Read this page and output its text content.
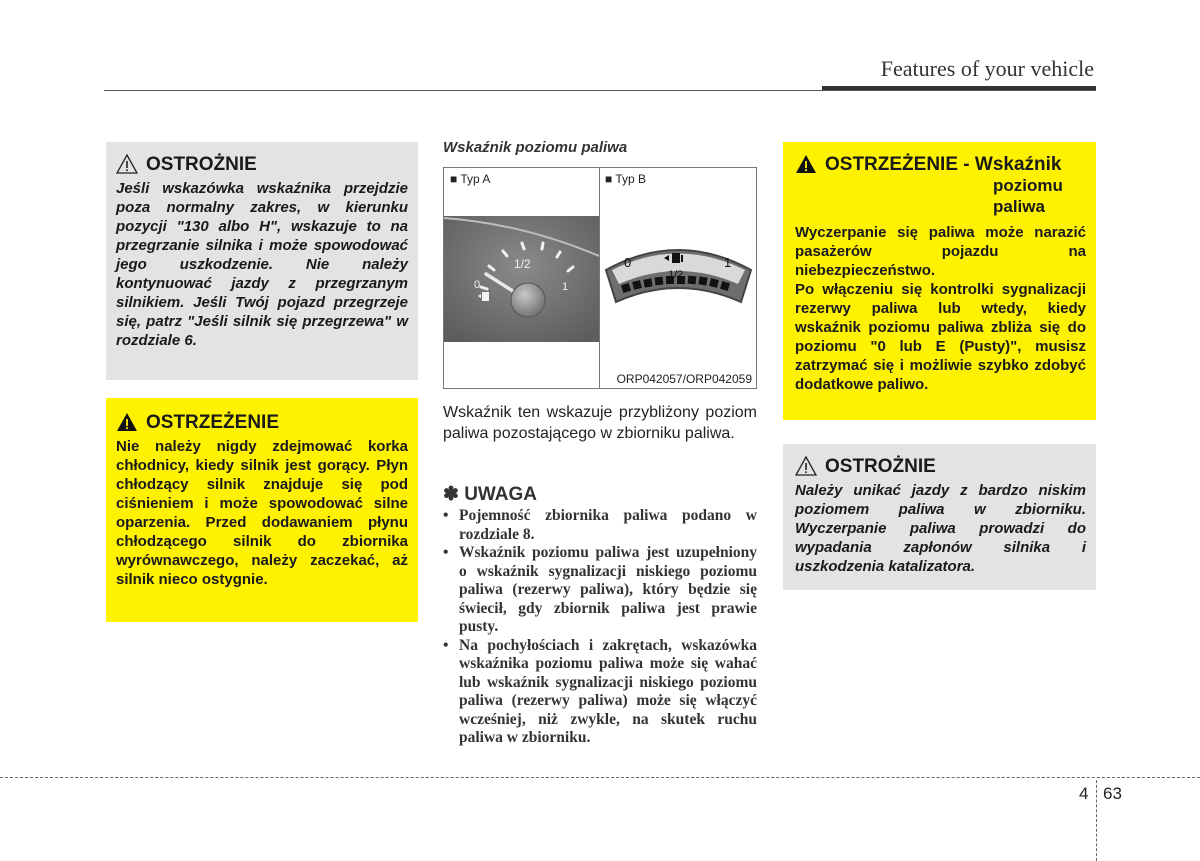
Features of your vehicle
OSTROŻNIE
Jeśli wskazówka wskaźnika przejdzie poza normalny zakres, w kierunku pozycji "130 albo H", wskazuje to na przegrzanie silnika i może spowodować jego uszkodzenie. Nie należy kontynuować jazdy z przegrzanym silnikiem. Jeśli Twój pojazd przegrzeje się, patrz "Jeśli silnik się przegrzewa" w rozdziale 6.
OSTRZEŻENIE
Nie należy nigdy zdejmować korka chłodnicy, kiedy silnik jest gorący. Płyn chłodzący silnik znajduje się pod ciśnieniem i może spowodować silne oparzenia. Przed dodawaniem płynu chłodzącego silnik do zbiornika wyrównawczego, należy zaczekać, aż silnik nieco ostygnie.
Wskaźnik poziomu paliwa
■ Typ A	■ Typ B
1/2
0	1
0
1/2
1
ORP042057/ORP042059
Wskaźnik ten wskazuje przybliżony poziom paliwa pozostającego w zbiorniku paliwa.
✽ UWAGA
• Pojemność zbiornika paliwa podano w rozdziale 8.
• Wskaźnik poziomu paliwa jest uzupełniony o wskaźnik sygnalizacji niskiego poziomu paliwa (rezerwy paliwa), który będzie się świecił, gdy zbiornik paliwa jest prawie pusty.
• Na pochyłościach i zakrętach, wskazówka wskaźnika poziomu paliwa może się wahać lub wskaźnik sygnalizacji niskiego poziomu paliwa (rezerwy paliwa) może się włączyć wcześniej, niż zwykle, na skutek ruchu paliwa w zbiorniku.
OSTRZEŻENIE - Wskaźnik
poziomu
paliwa

Wyczerpanie się paliwa może narazić pasażerów pojazdu na niebezpieczeństwo.

Po włączeniu się kontrolki sygnalizacji rezerwy paliwa lub wtedy, kiedy wskaźnik poziomu paliwa zbliża się do poziomu "0 lub E (Pusty)", musisz zatrzymać się i możliwie szybko zdobyć dodatkowe paliwo.

OSTROŻNIE
Należy unikać jazdy z bardzo niskim poziomem paliwa w zbiorniku. Wyczerpanie paliwa prowadzi do wypadania zapłonów silnika i uszkodzenia katalizatora.
4 63
